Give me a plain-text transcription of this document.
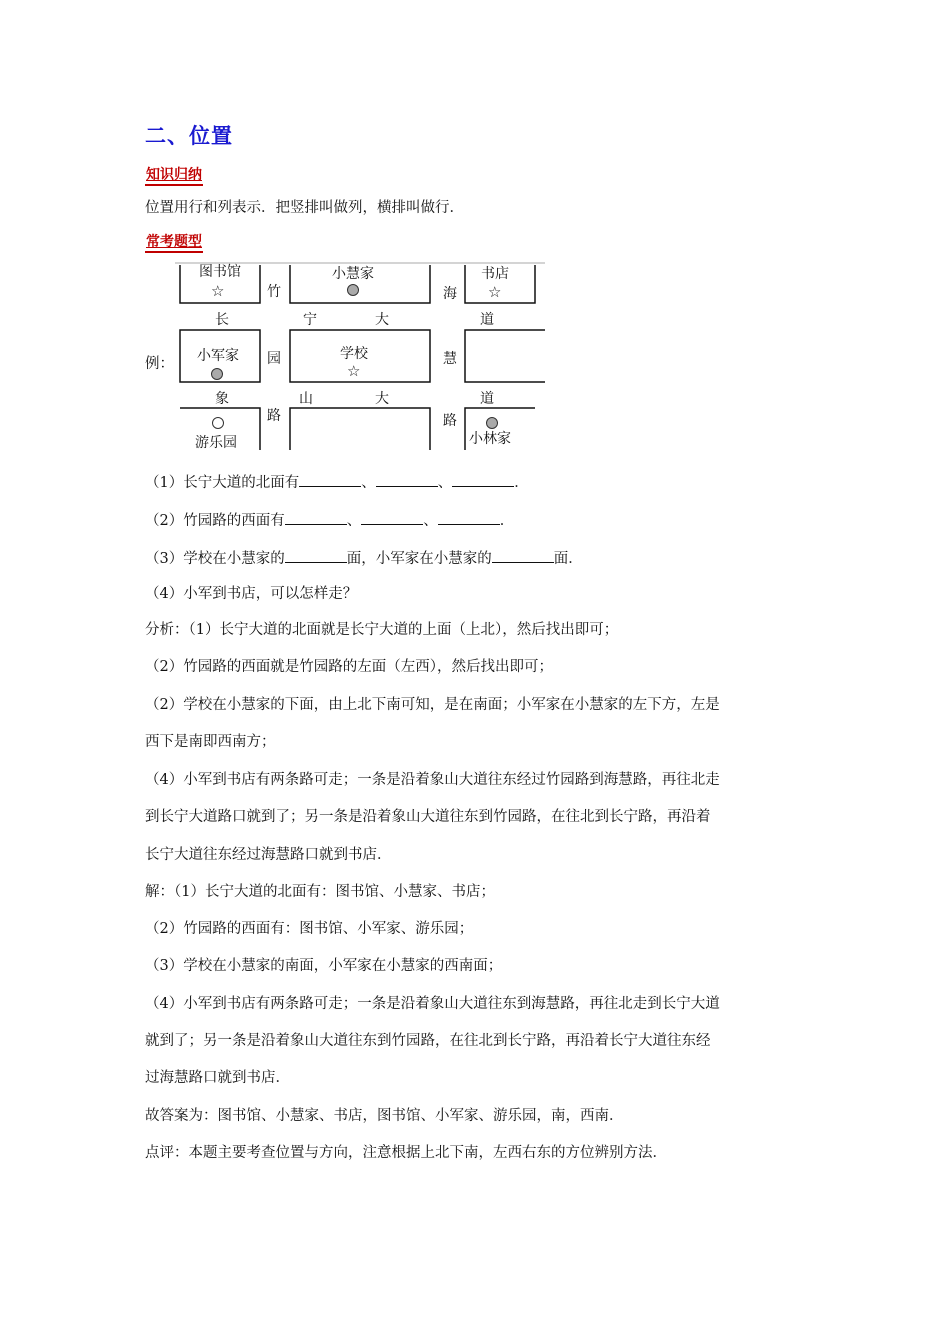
二、位置
知识归纳
位置用行和列表示．把竖排叫做列，横排叫做行．
常考题型
例：
图书馆	小慧家	书店
小军家	学校
游乐园	小林家
☆	☆
☆
竹
园
路
海
慧
路
长	宁	大	道
象	山	大	道
（1）长宁大道的北面有	、	、	．
（2）竹园路的西面有	、	、	．
（3）学校在小慧家的	面，小军家在小慧家的	面．
（4）小军到书店，可以怎样走？
分析：（1）长宁大道的北面就是长宁大道的上面（上北），然后找出即可；
（2）竹园路的西面就是竹园路的左面（左西），然后找出即可；
（2）学校在小慧家的下面，由上北下南可知，是在南面；小军家在小慧家的左下方，左是
西下是南即西南方；
（4）小军到书店有两条路可走；一条是沿着象山大道往东经过竹园路到海慧路，再往北走
到长宁大道路口就到了；另一条是沿着象山大道往东到竹园路，在往北到长宁路，再沿着
长宁大道往东经过海慧路口就到书店．
解：（1）长宁大道的北面有：图书馆、小慧家、书店；
（2）竹园路的西面有：图书馆、小军家、游乐园；
（3）学校在小慧家的南面，小军家在小慧家的西南面；
（4）小军到书店有两条路可走；一条是沿着象山大道往东到海慧路，再往北走到长宁大道
就到了；另一条是沿着象山大道往东到竹园路，在往北到长宁路，再沿着长宁大道往东经
过海慧路口就到书店．
故答案为：图书馆、小慧家、书店，图书馆、小军家、游乐园，南，西南．
点评：本题主要考查位置与方向，注意根据上北下南，左西右东的方位辨别方法．
